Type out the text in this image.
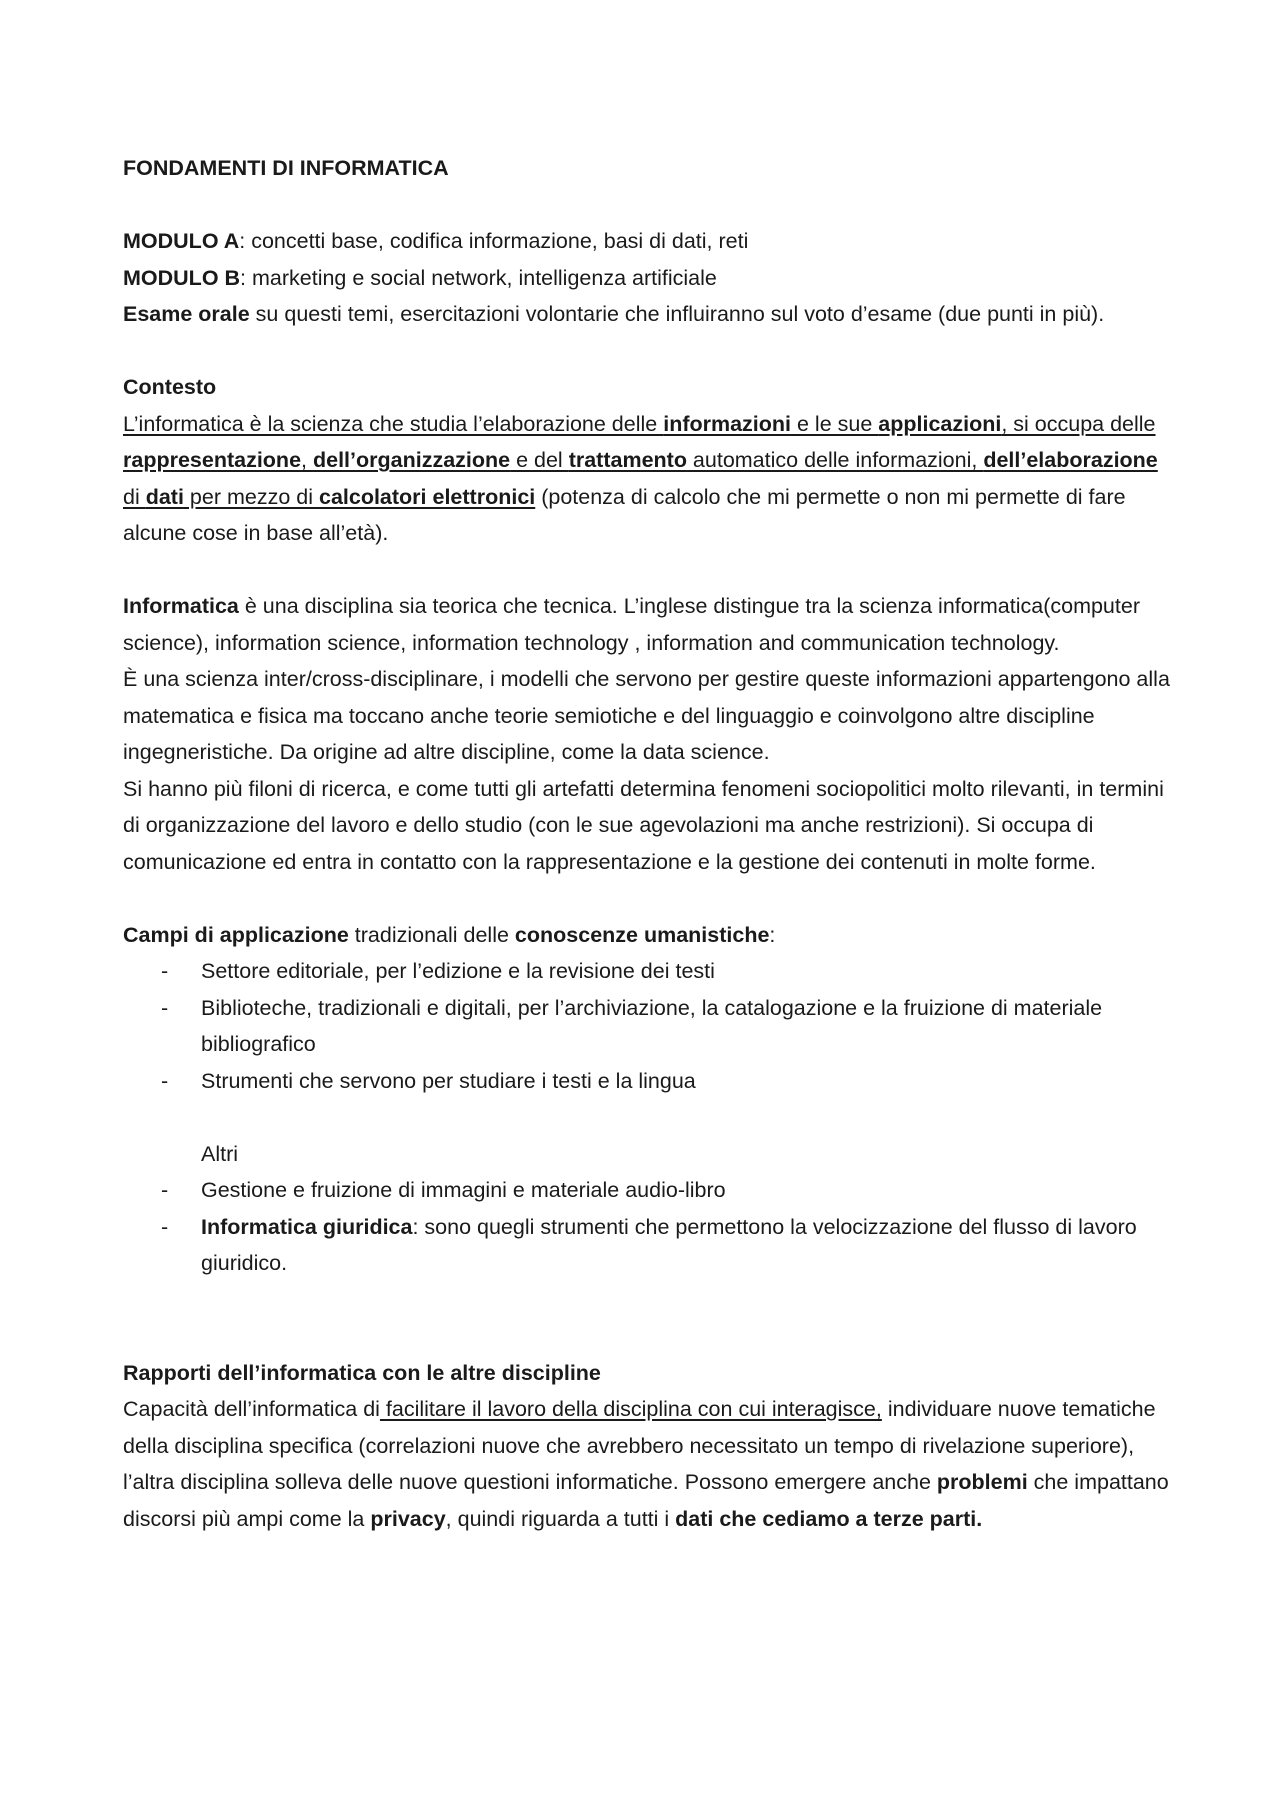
FONDAMENTI DI INFORMATICA

MODULO A: concetti base, codifica informazione, basi di dati, reti

MODULO B: marketing e social network, intelligenza artificiale

Esame orale su questi temi, esercitazioni volontarie che influiranno sul voto d’esame (due punti in più).

Contesto

L’informatica è la scienza che studia l’elaborazione delle informazioni e le sue applicazioni, si occupa delle rappresentazione, dell’organizzazione e del trattamento automatico delle informazioni, dell’elaborazione di dati per mezzo di calcolatori elettronici (potenza di calcolo che mi permette o non mi permette di fare alcune cose in base all’età).

Informatica è una disciplina sia teorica che tecnica. L’inglese distingue tra la scienza informatica(computer science), information science, information technology , information and communication technology.

È una scienza inter/cross-disciplinare, i modelli che servono per gestire queste informazioni appartengono alla matematica e fisica ma toccano anche teorie semiotiche e del linguaggio e coinvolgono altre discipline ingegneristiche. Da origine ad altre discipline, come la data science.

Si hanno più filoni di ricerca, e come tutti gli artefatti determina fenomeni sociopolitici molto rilevanti, in termini di organizzazione del lavoro e dello studio (con le sue agevolazioni ma anche restrizioni). Si occupa di comunicazione ed entra in contatto con la rappresentazione e la gestione dei contenuti in molte forme.

Campi di applicazione tradizionali delle conoscenze umanistiche:

- Settore editoriale, per l’edizione e la revisione dei testi
- Biblioteche, tradizionali e digitali, per l’archiviazione, la catalogazione e la fruizione di materiale bibliografico
- Strumenti che servono per studiare i testi e la lingua

Altri

- Gestione e fruizione di immagini e materiale audio-libro
- Informatica giuridica: sono quegli strumenti che permettono la velocizzazione del flusso di lavoro giuridico.

Rapporti dell’informatica con le altre discipline

Capacità dell’informatica di facilitare il lavoro della disciplina con cui interagisce, individuare nuove tematiche della disciplina specifica (correlazioni nuove che avrebbero necessitato un tempo di rivelazione superiore), l’altra disciplina solleva delle nuove questioni informatiche. Possono emergere anche problemi che impattano discorsi più ampi come la privacy, quindi riguarda a tutti i dati che cediamo a terze parti.
